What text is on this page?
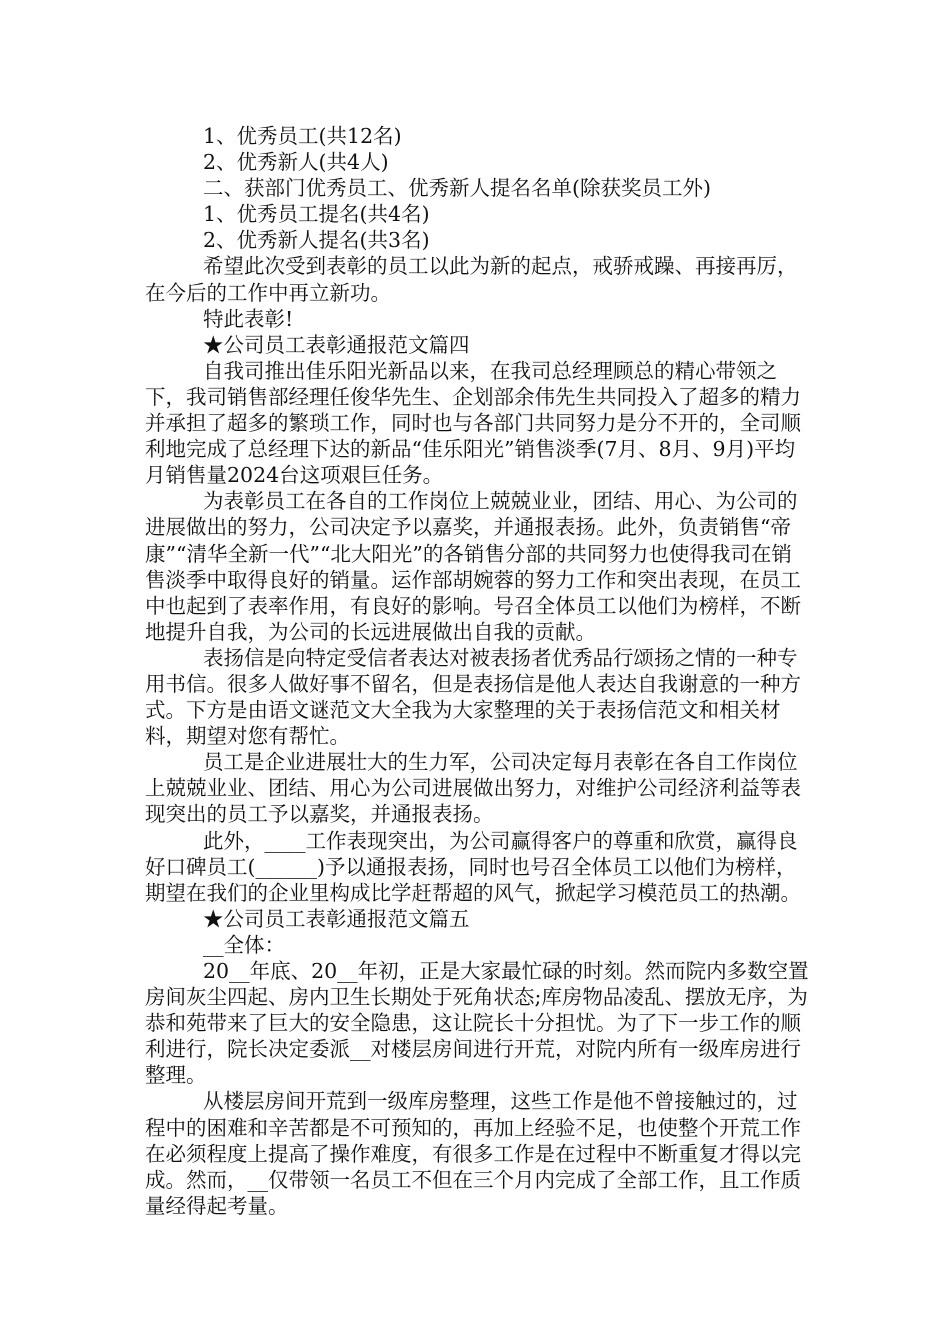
1、优秀员工(共12名)

2、优秀新人(共4人)

二、获部门优秀员工、优秀新人提名名单(除获奖员工外)

1、优秀员工提名(共4名)

2、优秀新人提名(共3名)

希望此次受到表彰的员工以此为新的起点，戒骄戒躁、再接再厉，在今后的工作中再立新功。

特此表彰!

★公司员工表彰通报范文篇四

自我司推出佳乐阳光新品以来，在我司总经理顾总的精心带领之下，我司销售部经理任俊华先生、企划部余伟先生共同投入了超多的精力并承担了超多的繁琐工作，同时也与各部门共同努力是分不开的，全司顺利地完成了总经理下达的新品“佳乐阳光”销售淡季(7月、8月、9月)平均月销售量2024台这项艰巨任务。

为表彰员工在各自的工作岗位上兢兢业业，团结、用心、为公司的进展做出的努力，公司决定予以嘉奖，并通报表扬。此外，负责销售“帝康”“清华全新一代”“北大阳光”的各销售分部的共同努力也使得我司在销售淡季中取得良好的销量。运作部胡婉蓉的努力工作和突出表现，在员工中也起到了表率作用，有良好的影响。号召全体员工以他们为榜样，不断地提升自我，为公司的长远进展做出自我的贡献。

表扬信是向特定受信者表达对被表扬者优秀品行颂扬之情的一种专用书信。很多人做好事不留名，但是表扬信是他人表达自我谢意的一种方式。下方是由语文谜范文大全我为大家整理的关于表扬信范文和相关材料，期望对您有帮忙。

员工是企业进展壮大的生力军，公司决定每月表彰在各自工作岗位上兢兢业业、团结、用心为公司进展做出努力，对维护公司经济利益等表现突出的员工予以嘉奖，并通报表扬。

此外，____工作表现突出，为公司赢得客户的尊重和欣赏，赢得良好口碑员工(______)予以通报表扬，同时也号召全体员工以他们为榜样，期望在我们的企业里构成比学赶帮超的风气，掀起学习模范员工的热潮。

★公司员工表彰通报范文篇五

__全体：

20__年底、20__年初，正是大家最忙碌的时刻。然而院内多数空置房间灰尘四起、房内卫生长期处于死角状态;库房物品凌乱、摆放无序，为恭和苑带来了巨大的安全隐患，这让院长十分担忧。为了下一步工作的顺利进行，院长决定委派__对楼层房间进行开荒，对院内所有一级库房进行整理。

从楼层房间开荒到一级库房整理，这些工作是他不曾接触过的，过程中的困难和辛苦都是不可预知的，再加上经验不足，也使整个开荒工作在必须程度上提高了操作难度，有很多工作是在过程中不断重复才得以完成。然而，__仅带领一名员工不但在三个月内完成了全部工作，且工作质量经得起考量。
